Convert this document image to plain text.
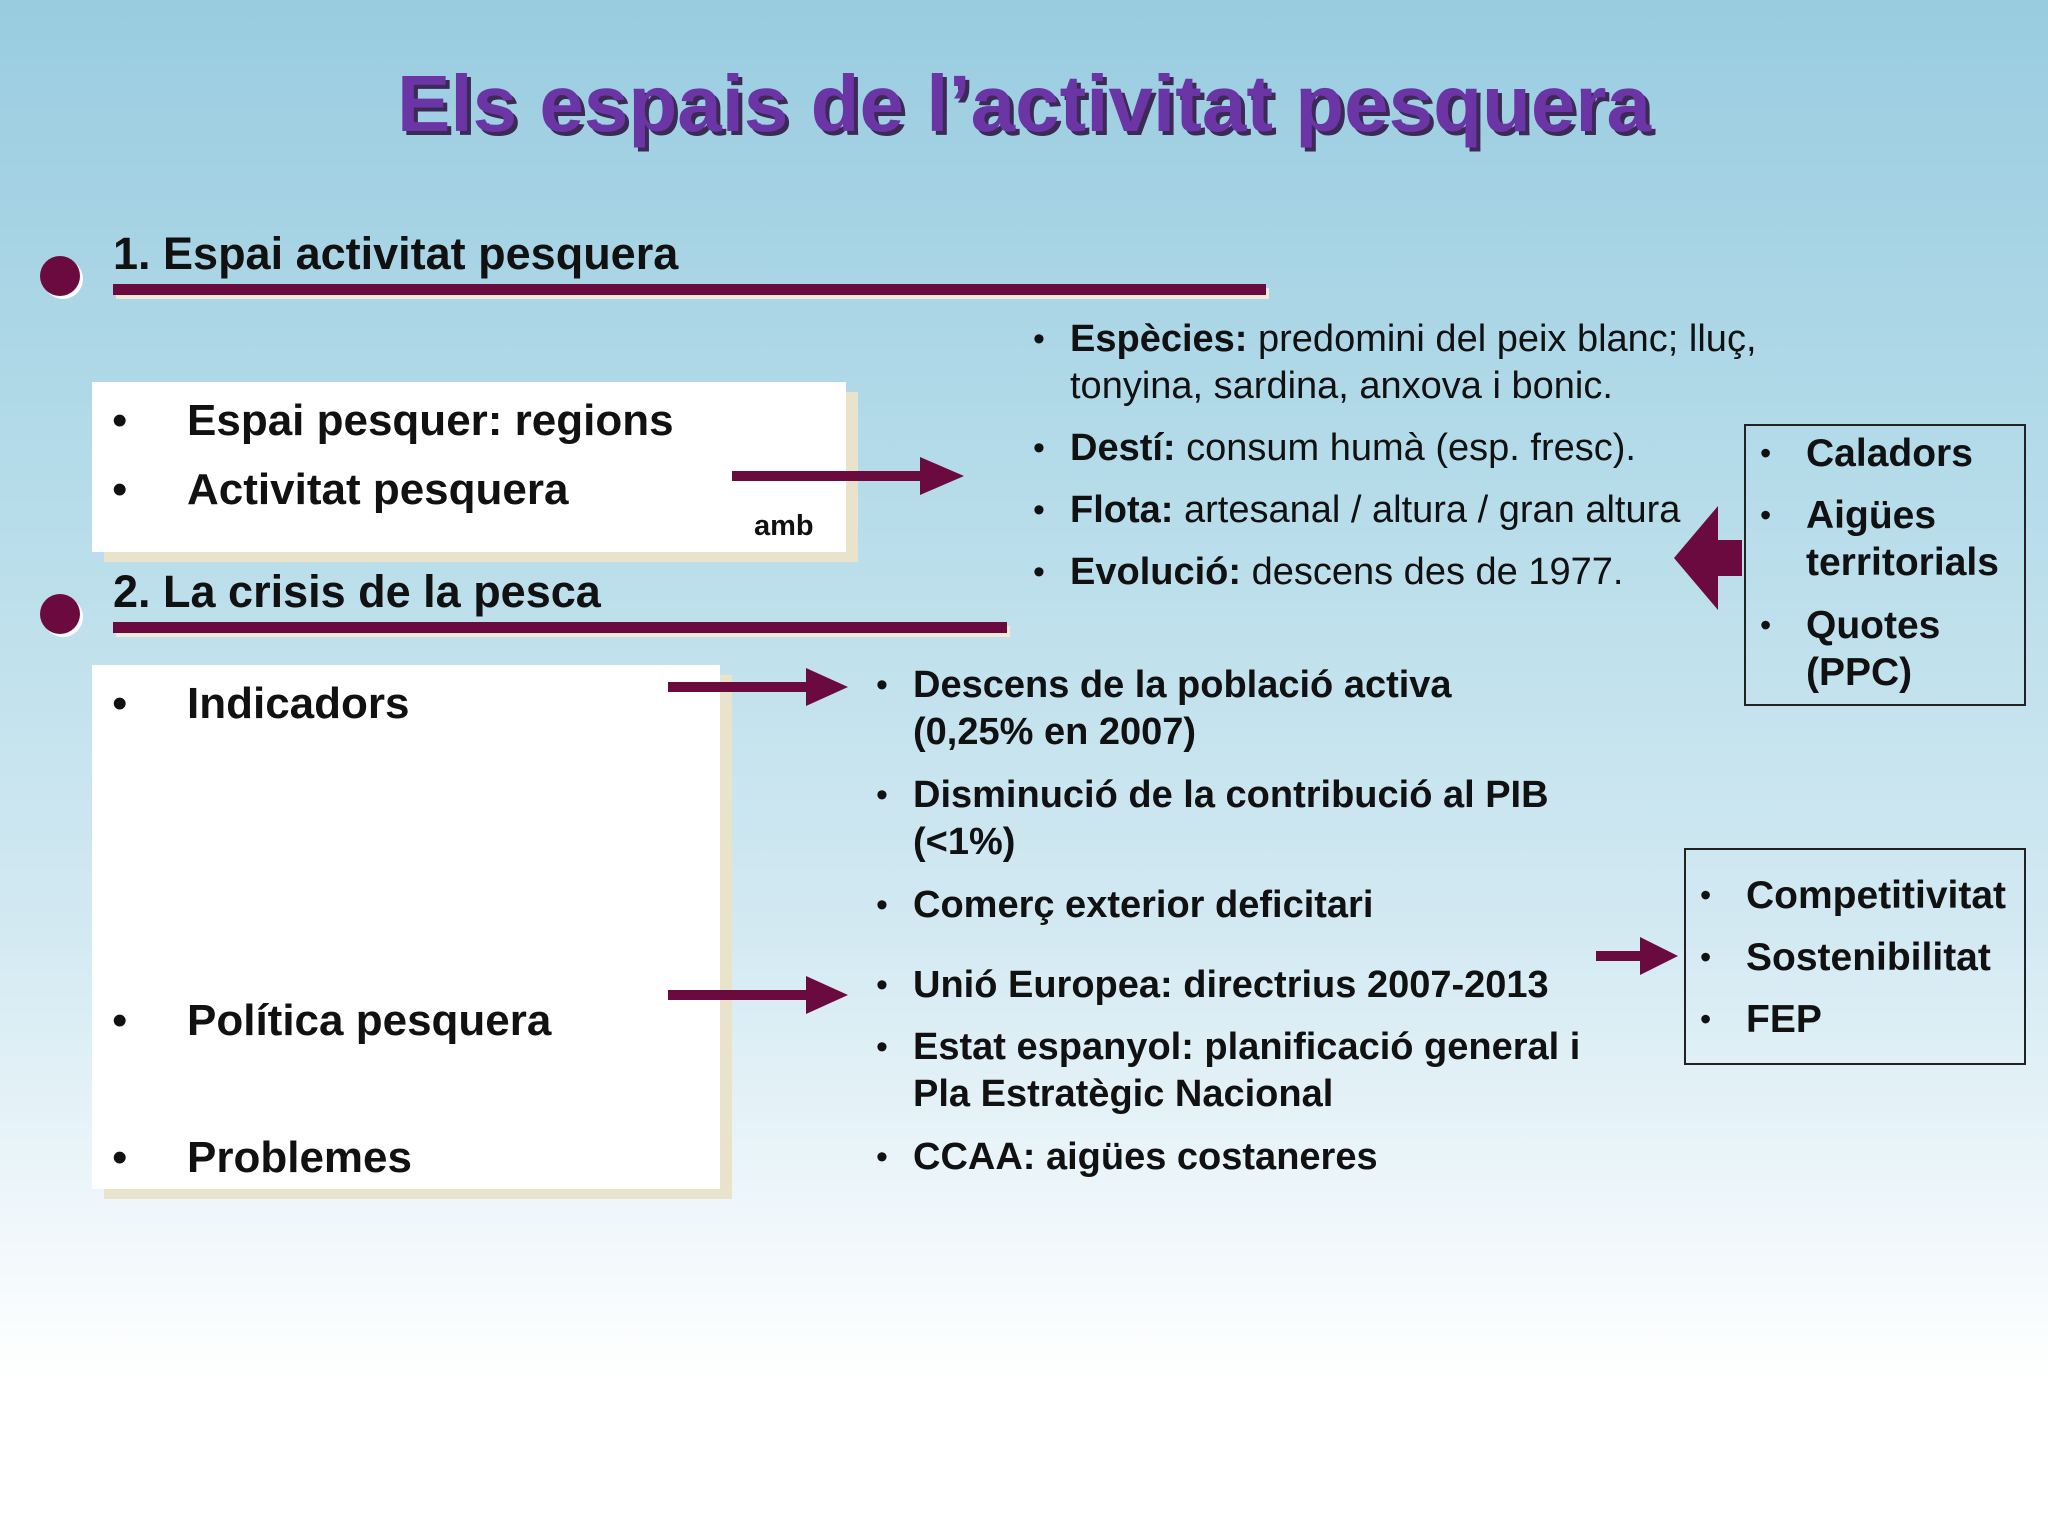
Els espais de l’activitat pesquera
1. Espai activitat pesquera
• Espai pesquer: regions
• Activitat pesquera
amb
• Espècies: predomini del peix blanc; lluç,
tonyina, sardina, anxova i bonic.
• Destí: consum humà (esp. fresc).
• Flota: artesanal / altura / gran altura
• Evolució: descens des de 1977.
• Caladors
• Aigües
territorials
• Quotes
(PPC)
2. La crisis de la pesca
• Indicadors
• Política pesquera
• Problemes
• Descens de la població activa
(0,25% en 2007)
• Disminució de la contribució al PIB
(<1%)
• Comerç exterior deficitari
• Unió Europea: directrius 2007-2013
• Estat espanyol: planificació general i
Pla Estratègic Nacional
• CCAA: aigües costaneres
• Competitivitat
• Sostenibilitat
• FEP
